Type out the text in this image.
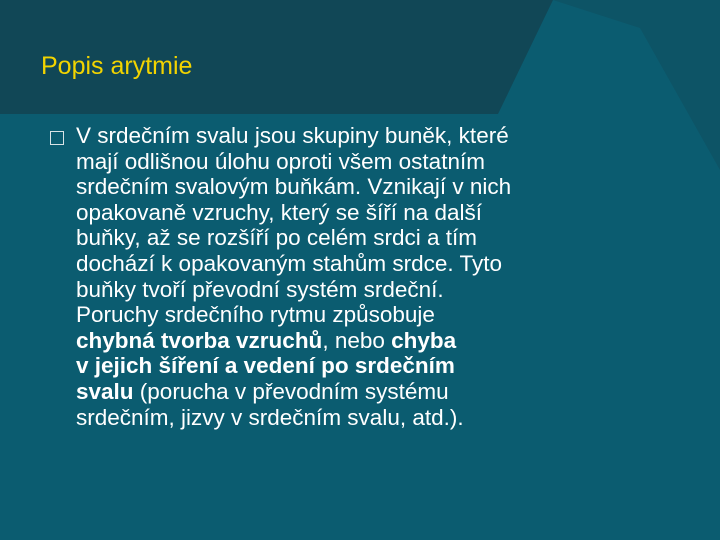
Popis arytmie
V srdečním svalu jsou skupiny buněk, které
mají odlišnou úlohu oproti všem ostatním
srdečním svalovým buňkám. Vznikají v nich
opakovaně vzruchy, který se šíří na další
buňky, až se rozšíří po celém srdci a tím
dochází k opakovaným stahům srdce. Tyto
buňky tvoří převodní systém srdeční.
Poruchy srdečního rytmu způsobuje
chybná tvorba vzruchů, nebo chyba
v jejich šíření a vedení po srdečním
svalu (porucha v převodním systému
srdečním, jizvy v srdečním svalu, atd.).
